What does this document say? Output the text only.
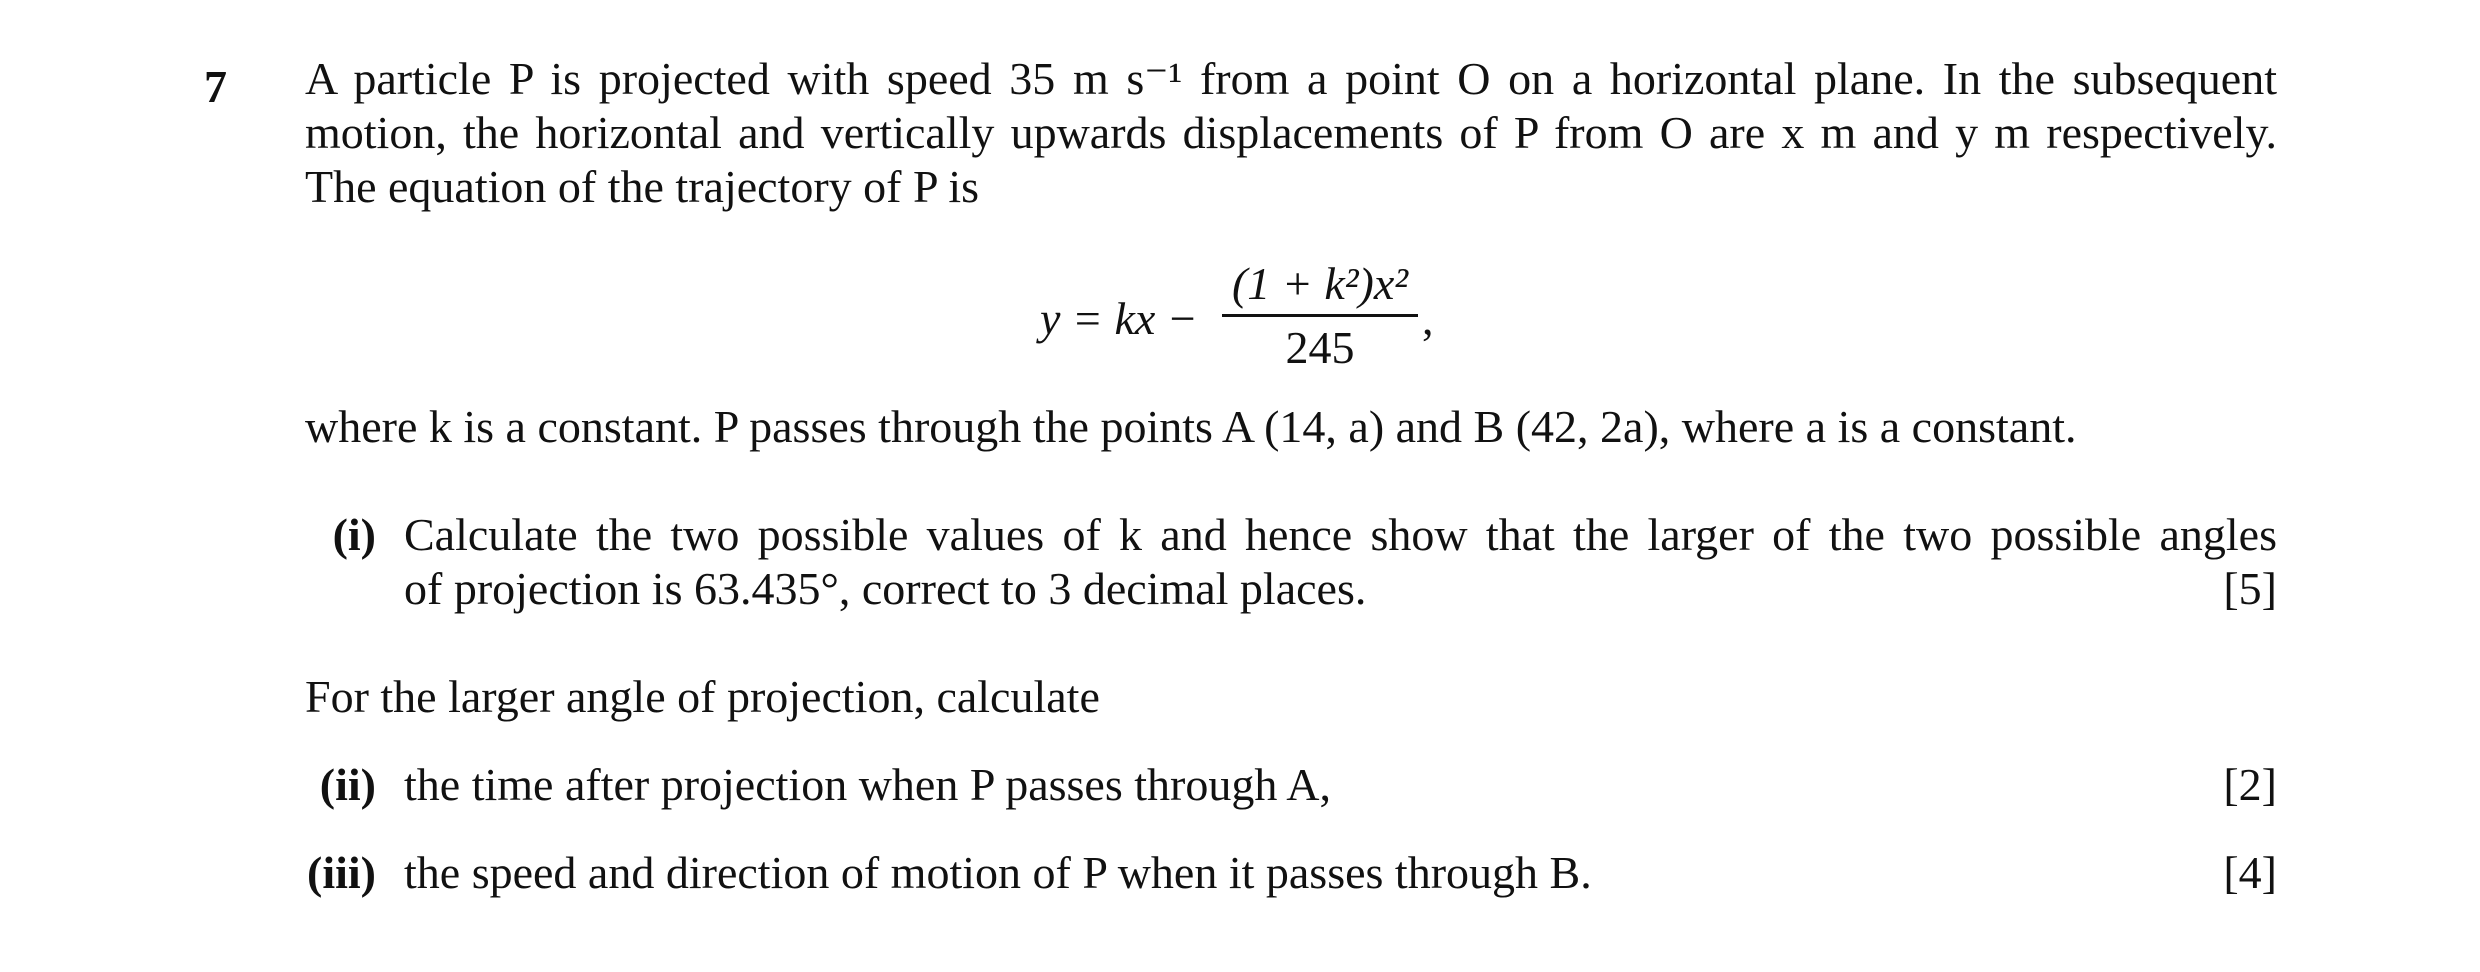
7 A particle P is projected with speed 35 m s⁻¹ from a point O on a horizontal plane. In the subsequent
motion, the horizontal and vertically upwards displacements of P from O are x m and y m respectively.
The equation of the trajectory of P is
y = kx −
(1 + k²)x²
245
,
where k is a constant. P passes through the points A (14, a) and B (42, 2a), where a is a constant.
(i) Calculate the two possible values of k and hence show that the larger of the two possible angles
of projection is 63.435°, correct to 3 decimal places.	[5]
For the larger angle of projection, calculate
(ii) the time after projection when P passes through A,	[2]
(iii) the speed and direction of motion of P when it passes through B.	[4]
